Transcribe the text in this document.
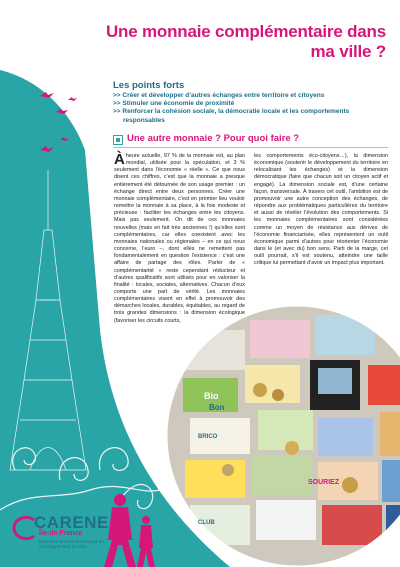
Bio
Bon
BRICO
SOURIEZ
CLUB
Une monnaie complémentaire dans ma ville ?
Les points forts
>> Créer et développer d’autres échanges entre territoire et citoyens
>> Stimuler une économie de proximité
>> Renforcer la cohésion sociale, la démocratie locale et les comportements responsables
Une autre monnaie ? Pour quoi faire ?
Àheure actuelle, 97 % de la monnaie est, au plan mondial, utilisée pour la spéculation, et 3 % seulement dans l’économie « réelle ». Ce que nous disent ces chiffres, c’est que la monnaie a presque entièrement été détournée de son usage premier : un échange direct entre deux personnes. Créer une monnaie complémentaire, c’est en premier lieu vouloir remettre la monnaie à sa place, à la fois modeste et précieuse : faciliter les échanges entre les citoyens. Mais pas seulement. On dit de ces monnaies nouvelles (mais en fait très anciennes !) qu’elles sont complémentaires, car elles coexistent avec les monnaies nationales ou régionales – en ce qui nous concerne, l’euro –, dont elles ne remettent pas fondamentalement en question l’existence : c’est une affaire de partage des rôles. Parler de « complémentarité » reste cependant réducteur et d’autres qualificatifs sont utilisés pour en valoriser la finalité : locales, sociales, alternatives. Chacun d’eux comporte une part de vérité. Les monnaies complémentaires visent en effet à promouvoir des démarches locales, durables, équitables, au regard de trois grandes dimensions : la dimension écologique (favoriser les circuits courts,
les comportements éco-citoyens…), la dimension économique (soutenir le développement du territoire en relocalisant les échanges) et la dimension démocratique (faire que chacun soit un citoyen actif et engagé). La dimension sociale est, d’une certaine façon, transversale. À travers cet outil, l’ambition est de promouvoir une autre conception des échanges, de répondre aux problématiques particulières du territoire et aussi de révéler l’évolution des comportements. Si les monnaies complémentaires sont considérées comme un moyen de résistance aux dérives de l’économie financiarisée, elles représentent un outil économique parmi d’autres pour réorienter l’économie dans le (et avec du) bon sens. Parti de la marge, cet outil pourrait, s’il est soutenu, atteindre une taille critique lui permettant d’avoir un impact plus important.
CARENE
Île-de-France
Expertise et ressources pour un développement durable
